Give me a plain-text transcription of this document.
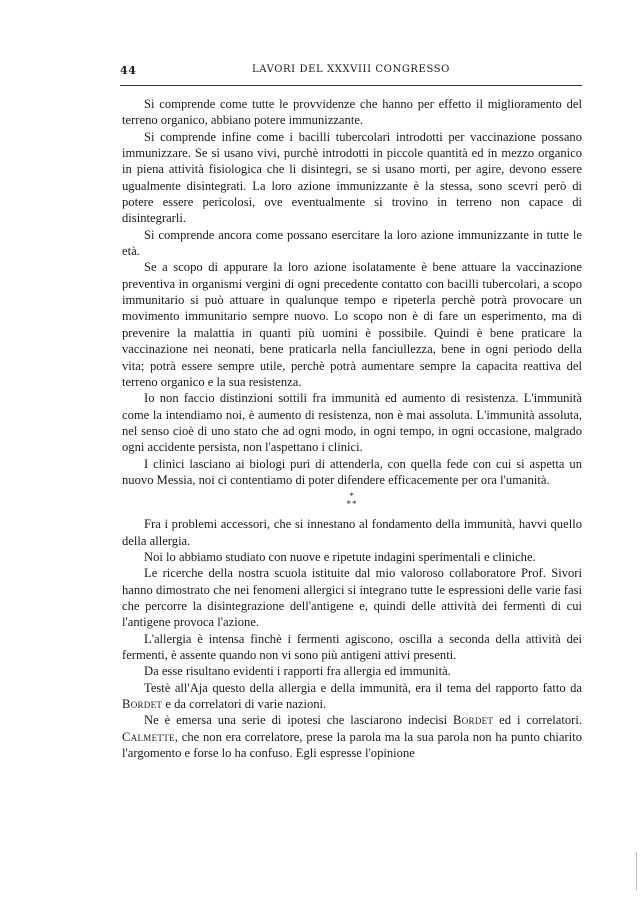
44	LAVORI DEL XXXVIII CONGRESSO

Si comprende come tutte le provvidenze che hanno per effetto il miglioramento del terreno organico, abbiano potere immunizzante.

Si comprende infine come i bacilli tubercolari introdotti per vaccinazione possano immunizzare. Se si usano vivi, purchè introdotti in piccole quantità ed in mezzo organico in piena attività fisiologica che li disintegri, se si usano morti, per agire, devono essere ugualmente disintegrati. La loro azione immunizzante è la stessa, sono scevri però di potere essere pericolosi, ove eventualmente si trovino in terreno non capace di disintegrarli.

Si comprende ancora come possano esercitare la loro azione immunizzante in tutte le età.

Se a scopo di appurare la loro azione isolatamente è bene attuare la vaccinazione preventiva in organismi vergini di ogni precedente contatto con bacilli tubercolari, a scopo immunitario si può attuare in qualunque tempo e ripeterla perchè potrà provocare un movimento immunitario sempre nuovo. Lo scopo non è di fare un esperimento, ma di prevenire la malattia in quanti più uomini è possibile. Quindi è bene praticare la vaccinazione nei neonati, bene praticarla nella fanciullezza, bene in ogni periodo della vita; potrà essere sempre utile, perchè potrà aumentare sempre la capacita reattiva del terreno organico e la sua resistenza.

Io non faccio distinzioni sottili fra immunità ed aumento di resistenza. L'immunità come la intendiamo noi, è aumento di resistenza, non è mai assoluta. L'immunità assoluta, nel senso cioè di uno stato che ad ogni modo, in ogni tempo, in ogni occasione, malgrado ogni accidente persista, non l'aspettano i clinici.

I clinici lasciano ai biologi puri di attenderla, con quella fede con cui si aspetta un nuovo Messia, noi ci contentiamo di poter difendere efficacemente per ora l'umanità.

*
**

Fra i problemi accessori, che si innestano al fondamento della immunità, havvi quello della allergia.

Noi lo abbiamo studiato con nuove e ripetute indagini sperimentali e cliniche.

Le ricerche della nostra scuola istituite dal mio valoroso collaboratore Prof. Sivori hanno dimostrato che nei fenomeni allergici si integrano tutte le espressioni delle varie fasi che percorre la disintegrazione dell'antigene e, quindi delle attività dei fermenti di cui l'antigene provoca l'azione.

L'allergia è intensa finchè i fermenti agiscono, oscilla a seconda della attività dei fermenti, è assente quando non vi sono più antigeni attivi presenti.

Da esse risultano evidenti i rapporti fra allergia ed immunità.

Testè all'Aja questo della allergia e della immunità, era il tema del rapporto fatto da Bordet e da correlatori di varie nazioni.

Ne è emersa una serie di ipotesi che lasciarono indecisi Bordet ed i correlatori. Calmette, che non era correlatore, prese la parola ma la sua parola non ha punto chiarito l'argomento e forse lo ha confuso. Egli espresse l'opinione
